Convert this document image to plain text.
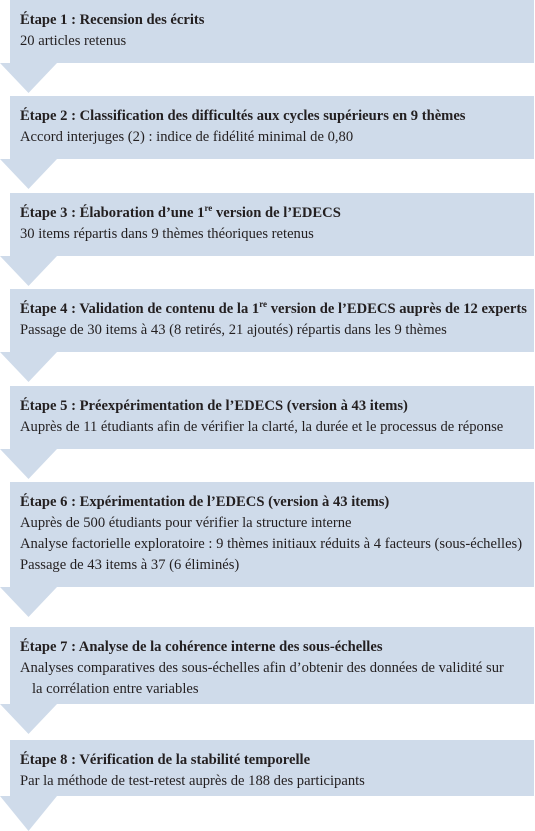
Étape 1 : Recension des écrits
20 articles retenus
Étape 2 : Classification des difficultés aux cycles supérieurs en 9 thèmes
Accord interjuges (2) : indice de fidélité minimal de 0,80
Étape 3 : Élaboration d’une 1re version de l’EDECS
30 items répartis dans 9 thèmes théoriques retenus
Étape 4 : Validation de contenu de la 1re version de l’EDECS auprès de 12 experts
Passage de 30 items à 43 (8 retirés, 21 ajoutés) répartis dans les 9 thèmes
Étape 5 : Préexpérimentation de l’EDECS (version à 43 items)
Auprès de 11 étudiants afin de vérifier la clarté, la durée et le processus de réponse
Étape 6 : Expérimentation de l’EDECS (version à 43 items)
Auprès de 500 étudiants pour vérifier la structure interne
Analyse factorielle exploratoire : 9 thèmes initiaux réduits à 4 facteurs (sous-échelles)
Passage de 43 items à 37 (6 éliminés)
Étape 7 : Analyse de la cohérence interne des sous-échelles
Analyses comparatives des sous-échelles afin d’obtenir des données de validité sur
la corrélation entre variables
Étape 8 : Vérification de la stabilité temporelle
Par la méthode de test-retest auprès de 188 des participants
